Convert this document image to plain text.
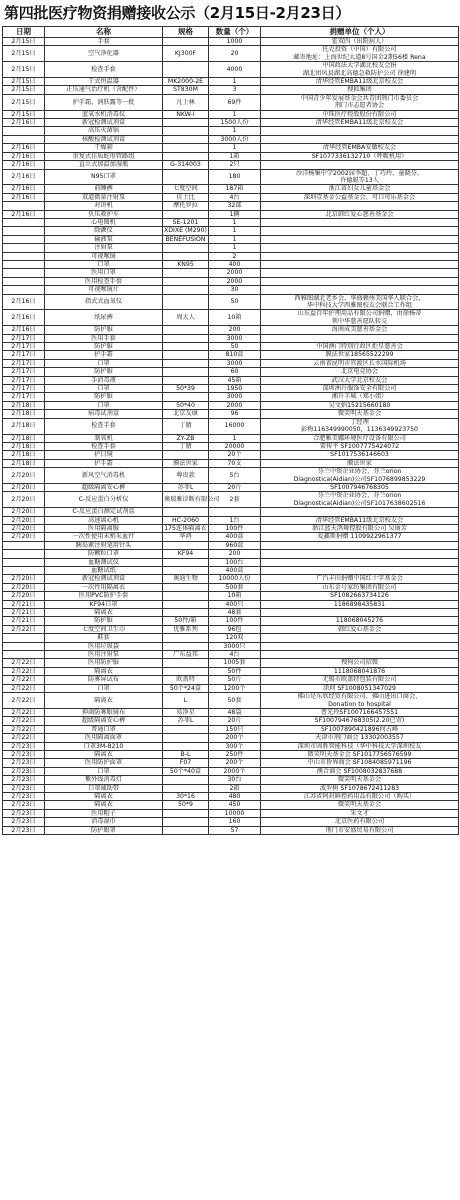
第四批医疗物资捐赠接收公示（2月15日-2月23日）
日期	名称	规格	数量（个）	捐赠单位（个人）
2月15日	手套		1000	霍双四（出院病人）
2月15日	空气净化器	KJ300F	20	托克投资（中国）有限公司
邮寄地址：上海世纪大道8号国金2期56楼 Rena
2月15日	检查手套		4000	中国政法大学湖北校友会捐
湖北团风县湖北高德急救防护公司 徐建明
2月15日	干式恒温器	MK2000-2E	1	清华经管EMBA11级北京校友会
2月15日	正压通气治疗机（含配件）	ST830M	3	搜狐集团
2月15日	护手霜、润肤露等一批	凡士林	69件	中国青少年发展基金会共青团荆门市委员会
荆门市志愿者协会
2月15日	蓝氧水机消毒仪	NKW-I	1	中珠医疗控股股份有限公司
2月16日	新冠检测试剂盒		1500人份	清华经管EMBA11级北京校友会
	高压灭菌锅		1	
	核酸检测试剂盒		3000人份	
2月16日	干燥箱		1	清华经管EMBA安徽校友会
2月16日	重复式佳质蛇形管路组		1箱	SF1077336132710（呼吸机用）
2月16日	直立式加温加湿瓶	G-314003	2只	
2月16日	N95口罩		180	沙洋杨集中学2002届李超、丁巧玲、童晓芬、
许德聪等13人
2月16日	前睡裤	七度空间	187箱	浙江省妇女儿童基金会
2月16日	双道微量注射泵	佳士比	4台	深圳壹基金公益基金会、可口可乐基金会
	对讲机	摩托罗拉	32部	
2月16日	负压救护车		1辆	北京韩红爱心慈善基金会
	心电图机	SE-1201	1	
	除颤仪	XDIXE (M290)	1	
	输液泵	BENEFUSION	1	
	注射泵		1	
	可视喉镜		2	
	口罩	KN95	400	
	医用口罩		2000	
	医用检查手套		2000	
	可视喉镜片		30	
2月16日	指式式血氧仪		50	西雅图湖北老乡会、华盛顿州美国华人联合会、
华中科技大学西雅图校友会联合工作组
2月16日	纸尿裤	周大人	10箱	山东益百年护理用品有限公司捐赠，由徐杨蒂
领中华慈善愿队转交
2月16日	防护服		200	海南成美慈善基金会
2月17日	医用手套		3000	
2月17日	防护服		50	中国澳门特别行政区炬星慈善会
2月17日	护手霜		810盒	膜法世家18565522299
2月17日	口罩		3000	云南省昆明市官渡区长水国际机场
2月17日	防护服		60	北京电竞协会
2月17日	手消毒液		45箱	武汉大学北京校友会
2月17日	口罩	50*39	1950	深圳洲升服饰安全有限公司
2月17日	防护服		3000	湘升羊城（郑小姐）
2月18日	口罩	50*40	2000	吴文娟15215660180
2月18日	病毒试剂盒	北京友康	96	微笑明天基金会
2月18日	检查手套	丁腈	16000	丁经理
彭梅116349990050，1136349923750
2月18日	制氧机	ZY-ZB	1	合肥雅美娜环境医疗设备有限公司
2月18日	检查手套	丁腈	20000	雷传平 SF1007775424072
2月18日	护目镜		20个	SF1017536146603
2月18日	护手霜	膜法世家	70支	膜法世家
2月20日	新风空气消毒机	尊贵款	5台	芬兰中资企业协会、芬兰orion
Diagnostica(Aidian)公司SF1076899853229
2月20日	超级隔离安心裤	苏菲L	20片	SF1007946768305
2月20日	C-反应蛋白分析仪	奥瑞雅诊断有限公司	2套	芬兰中资企业协会、芬兰orion
Diagnostica(Aidian)公司SF1017638602516
2月20日	C-反应蛋白测定试剂盒			
2月20日	高速离心机	HC-2060	1台	清华经管EMBA11级北京校友会
2月20日	医用隔离服	175连体隔离衣	100件	浙江蓝天鸽舞控股有限公司 吴丽芳
2月20日	一次性使用末梢采血针	华鸿	400盒	爱鑫斯捐赠 1109922961377
	胰岛素注射笔用针头		960盒	
	防颗粒口罩	KF94	200	
	血糖测试仪		100台	
	血糖试纸		400盒	
2月20日	新冠检测试剂盒	奥迪生物	10000人份	广汽丰田捐赠中国红十字基金会
2月20日	一次性用隔离衣		500套	山东金号家纺集团有限公司
2月20日	医用PVC防护手套		10箱	SF1082663734126
2月21日	KF94口罩		400只	1186898435831
2月21日	隔离衣		48套	
2月21日	防护服	50件/箱	100件	118068045276
2月22日	七度空间卫生巾	优雅系列	96包	韩红爱心基金会
	鞋套		120双	
	医用垃圾袋		3000只	
	医用注射泵	广东益邦	4台	
2月22日	医用防护服		1005套	搜狗公司招微
2月22日	隔离衣		50件	1118068041876
2月22日	防雾屏试布	欧盖特	50片	无锡市欧盖特包装有限公司
2月22日	口罩	50个*24盒	1200个	涂珂 SF1008051347029
2月22日	隔离衣	L	50套	佛山是东欣经贸有限公司、佛山进出口商会、
Donation to hospital
2月22日	抑菌防雾眼镜布	易净星	48袋	曹光玲SF1007166457551
2月22日	超级隔离安心裤	苏菲L	20片	SF1007946768305(2.20已寄)
2月22日	普通口罩		150只	SF1007890421896何占峰
2月22日	医用隔离面罩		200个	天津市荆门商会 13302003557
2月23日	口罩3M-8210		300个	深圳市固胜智能科技（华中科技大学深圳校友
2月23日	隔离衣	B-L	250件	微笑明天基金会 SF1017756576599
2月23日	医用防护面罩	F07	200个	中山市侨界商会 SF1084085971196
2月23日	口罩	50个*40盒	2000个	澳合商会 SF1008032837688
2月23日	紫外线消毒灯		30台	微笑明天基金会
2月23日	口罩辅助带		2箱	波罗树 SF1078672411283
2月23日	隔离衣	30*16	480	江苏省阿封鲜控药用品有限公司（购买）
2月23日	隔离衣	50*9	450	微笑明天基金会
2月23日	医用帽子		10000	朱文才
2月23日	消毒湿巾		160	北京医药有限公司
2月23日	防护眼罩		57	荆门市安盛贸易有限公司
